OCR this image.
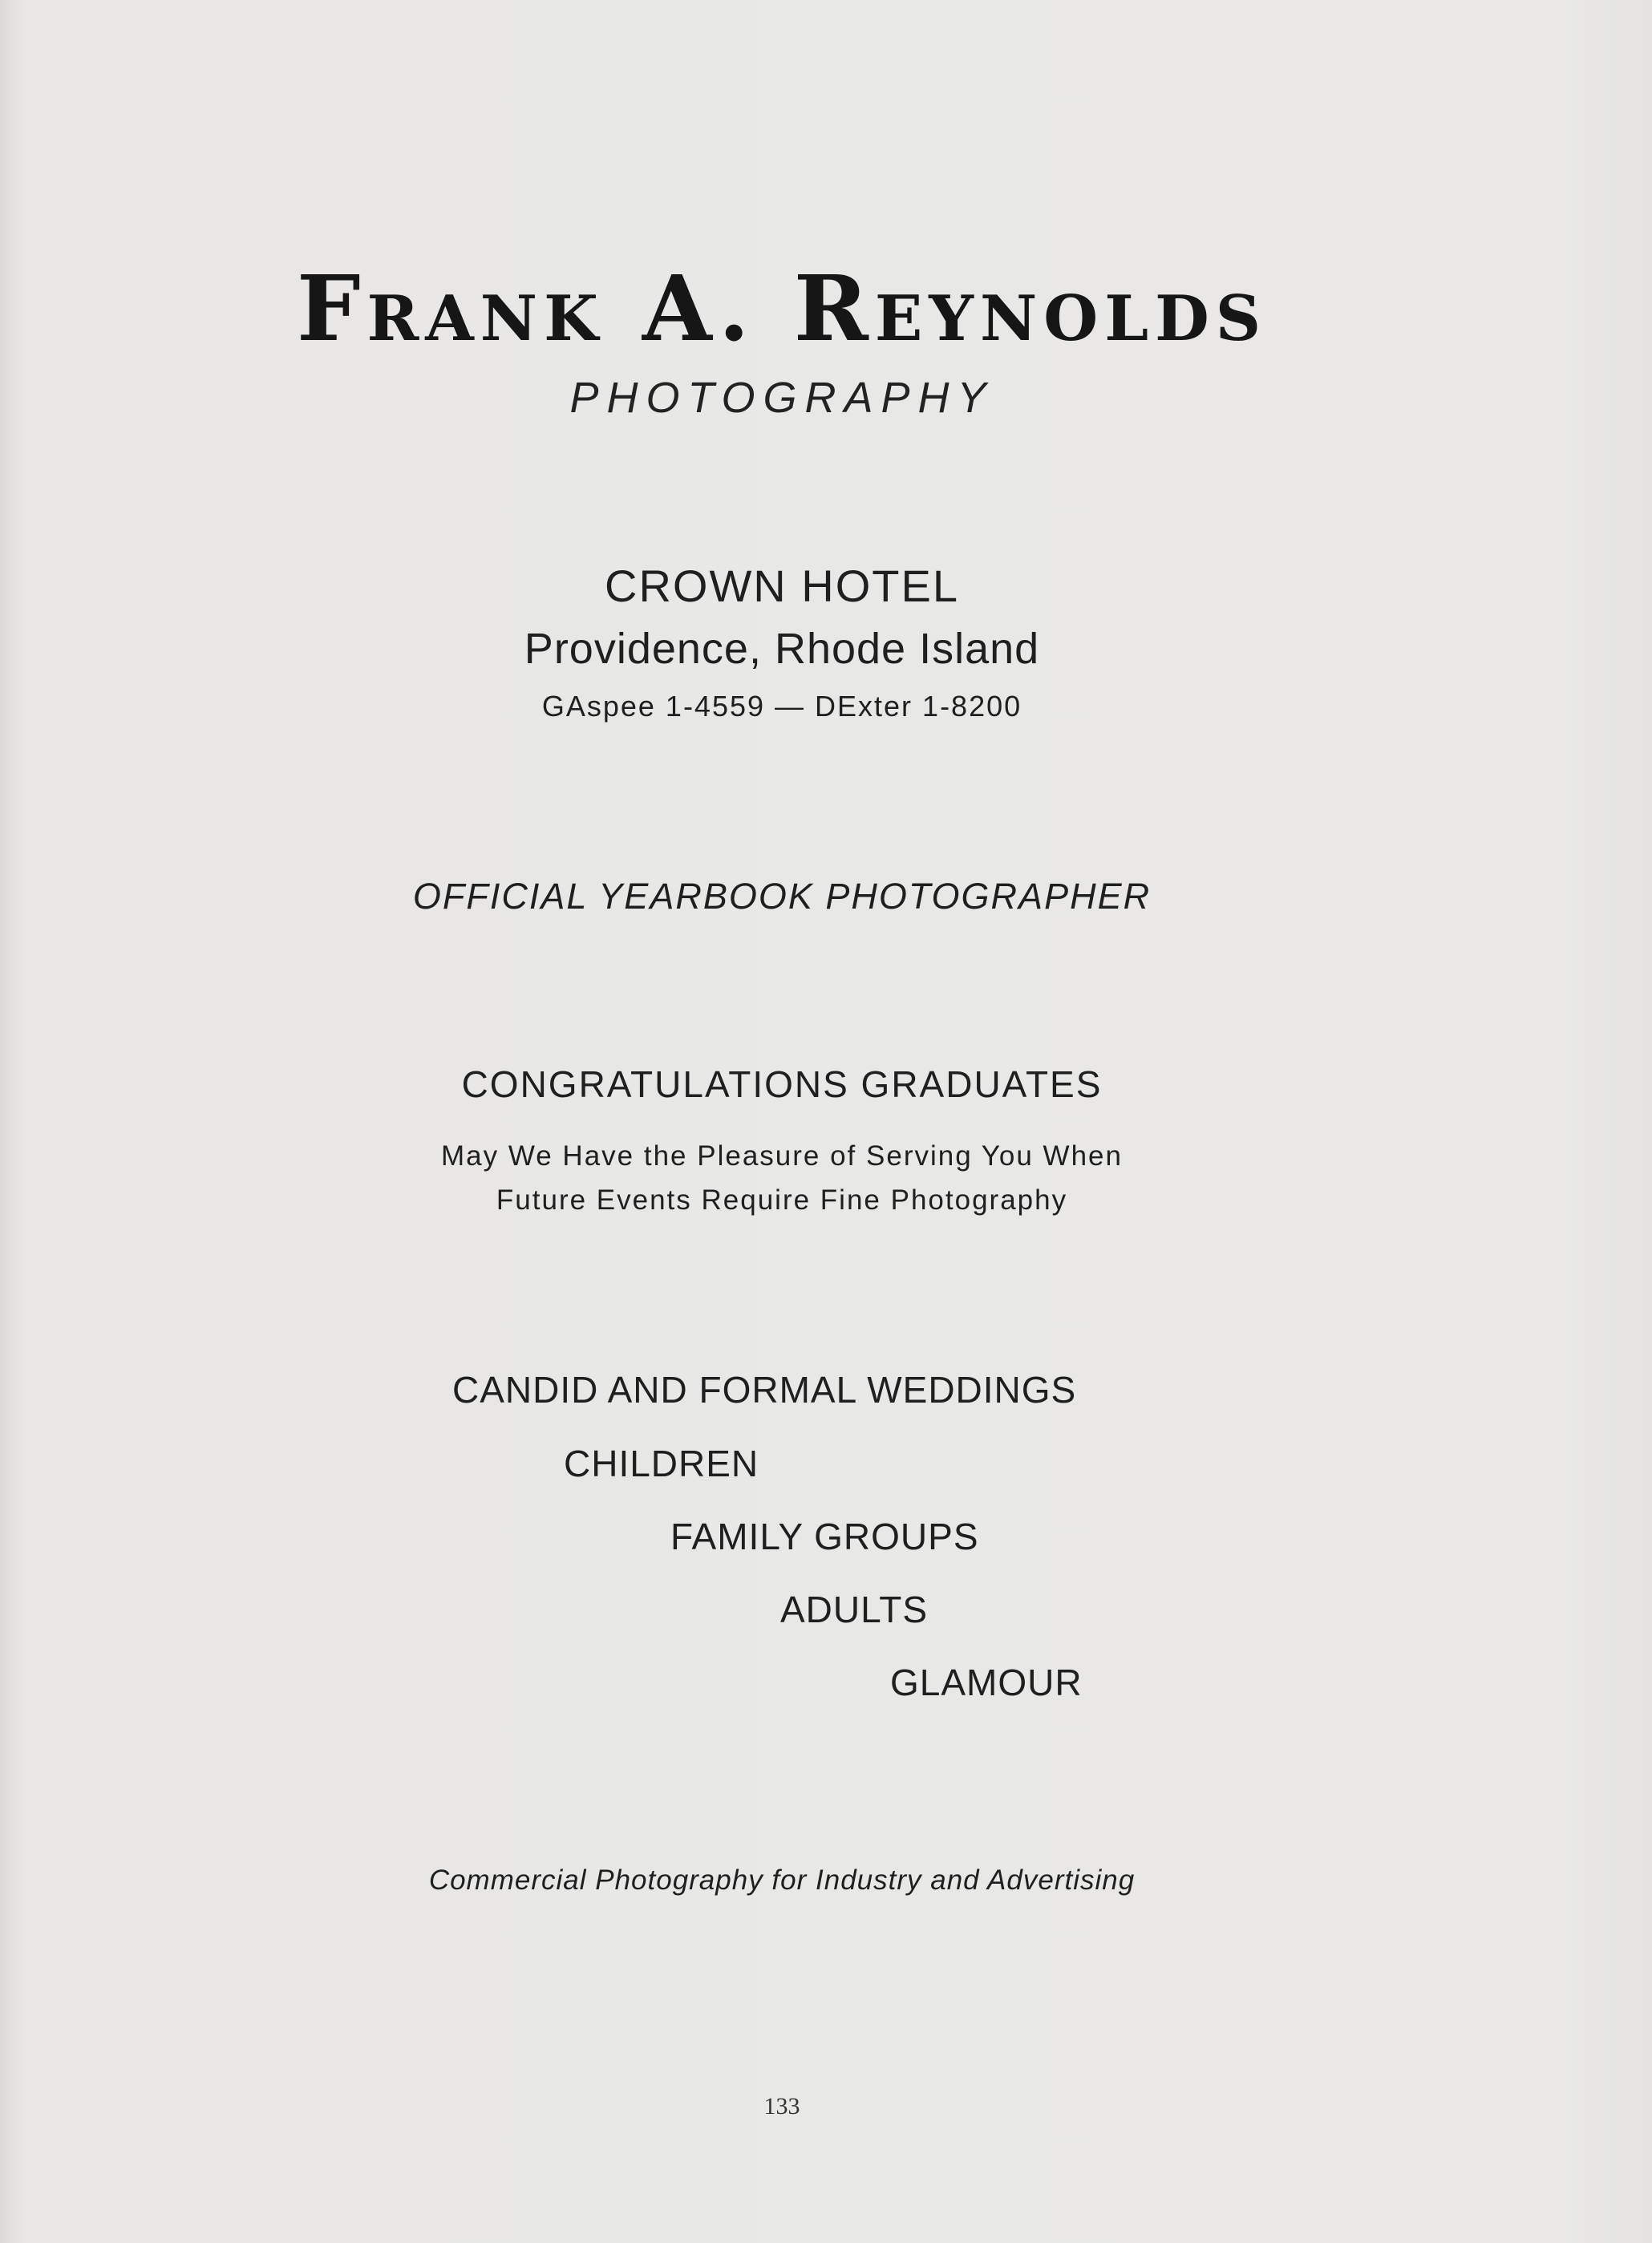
Frank A. Reynolds
PHOTOGRAPHY
CROWN HOTEL
Providence, Rhode Island
GAspee 1-4559 — DExter 1-8200
OFFICIAL YEARBOOK PHOTOGRAPHER
CONGRATULATIONS GRADUATES
May We Have the Pleasure of Serving You When
Future Events Require Fine Photography
CANDID AND FORMAL WEDDINGS
CHILDREN
FAMILY GROUPS
ADULTS
GLAMOUR
Commercial Photography for Industry and Advertising
133
